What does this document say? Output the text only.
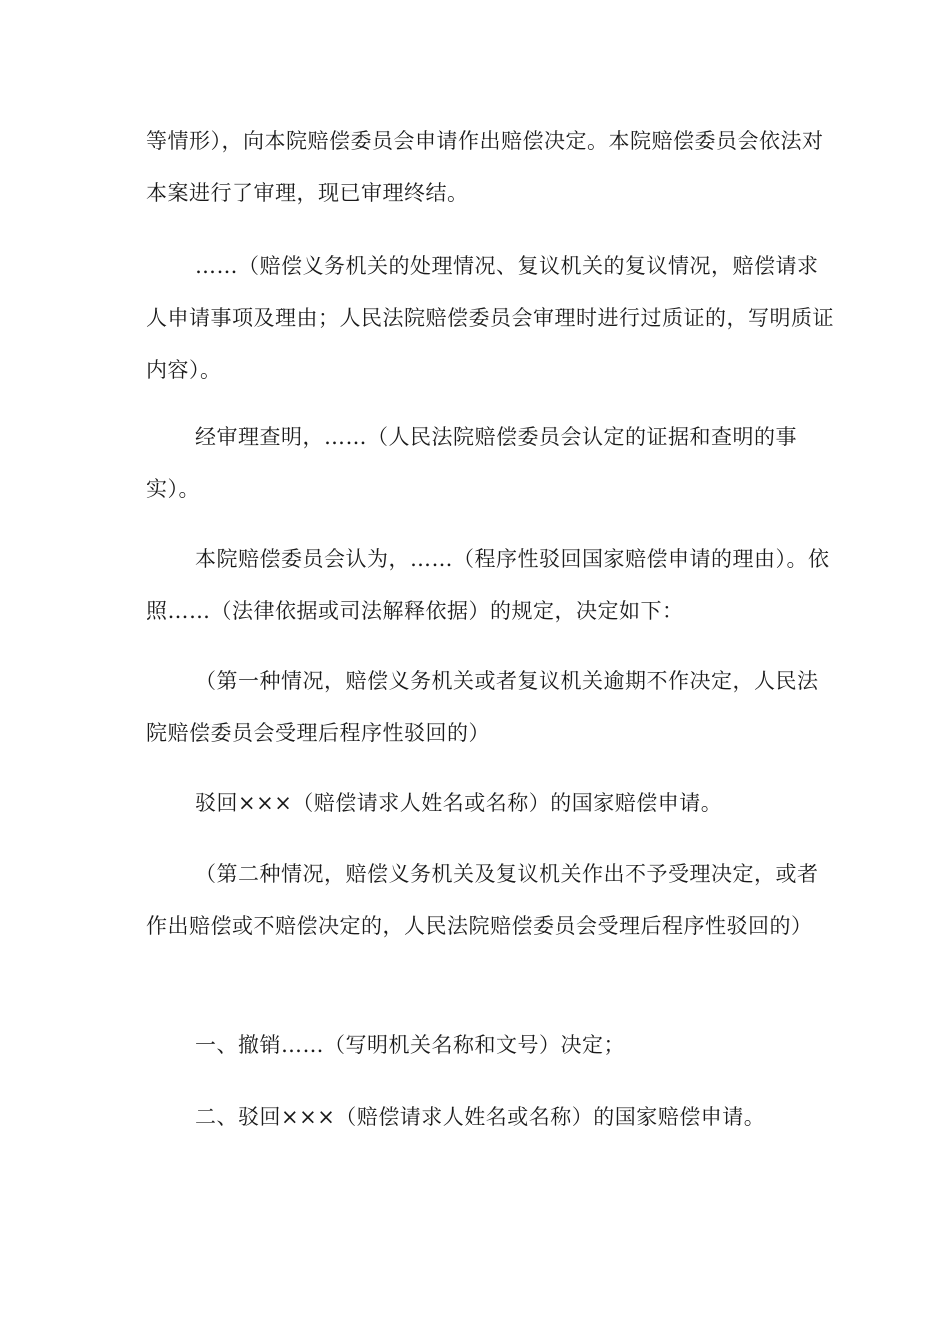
等情形），向本院赔偿委员会申请作出赔偿决定。本院赔偿委员会依法对本案进行了审理，现已审理终结。

……（赔偿义务机关的处理情况、复议机关的复议情况，赔偿请求人申请事项及理由；人民法院赔偿委员会审理时进行过质证的，写明质证内容）。

经审理查明，……（人民法院赔偿委员会认定的证据和查明的事实）。

本院赔偿委员会认为，……（程序性驳回国家赔偿申请的理由）。依照……（法律依据或司法解释依据）的规定，决定如下：

（第一种情况，赔偿义务机关或者复议机关逾期不作决定，人民法院赔偿委员会受理后程序性驳回的）

驳回×××（赔偿请求人姓名或名称）的国家赔偿申请。

（第二种情况，赔偿义务机关及复议机关作出不予受理决定，或者作出赔偿或不赔偿决定的，人民法院赔偿委员会受理后程序性驳回的）

一、撤销……（写明机关名称和文号）决定；

二、驳回×××（赔偿请求人姓名或名称）的国家赔偿申请。
